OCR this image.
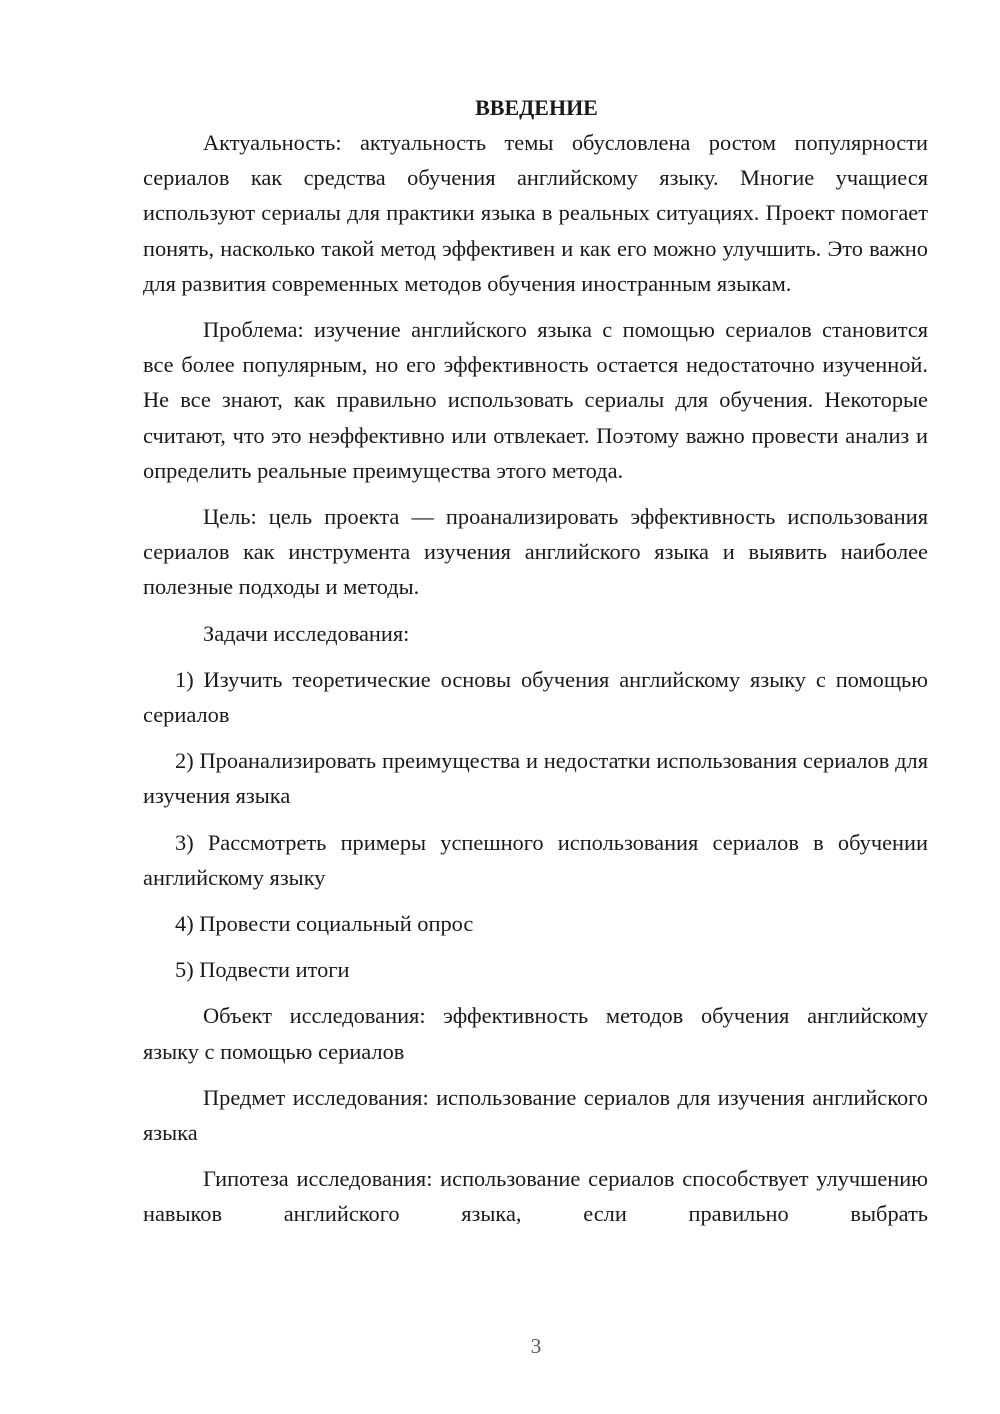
ВВЕДЕНИЕ

Актуальность: актуальность темы обусловлена ростом популярности сериалов как средства обучения английскому языку. Многие учащиеся используют сериалы для практики языка в реальных ситуациях. Проект помогает понять, насколько такой метод эффективен и как его можно улучшить. Это важно для развития современных методов обучения иностранным языкам.

Проблема: изучение английского языка с помощью сериалов становится все более популярным, но его эффективность остается недостаточно изученной. Не все знают, как правильно использовать сериалы для обучения. Некоторые считают, что это неэффективно или отвлекает. Поэтому важно провести анализ и определить реальные преимущества этого метода.

Цель: цель проекта — проанализировать эффективность использования сериалов как инструмента изучения английского языка и выявить наиболее полезные подходы и методы.

Задачи исследования:

1) Изучить теоретические основы обучения английскому языку с помощью сериалов

2) Проанализировать преимущества и недостатки использования сериалов для изучения языка

3) Рассмотреть примеры успешного использования сериалов в обучении английскому языку

4) Провести социальный опрос

5) Подвести итоги

Объект исследования: эффективность методов обучения английскому языку с помощью сериалов

Предмет исследования: использование сериалов для изучения английского языка

Гипотеза исследования: использование сериалов способствует улучшению навыков английского языка, если правильно выбрать

3
